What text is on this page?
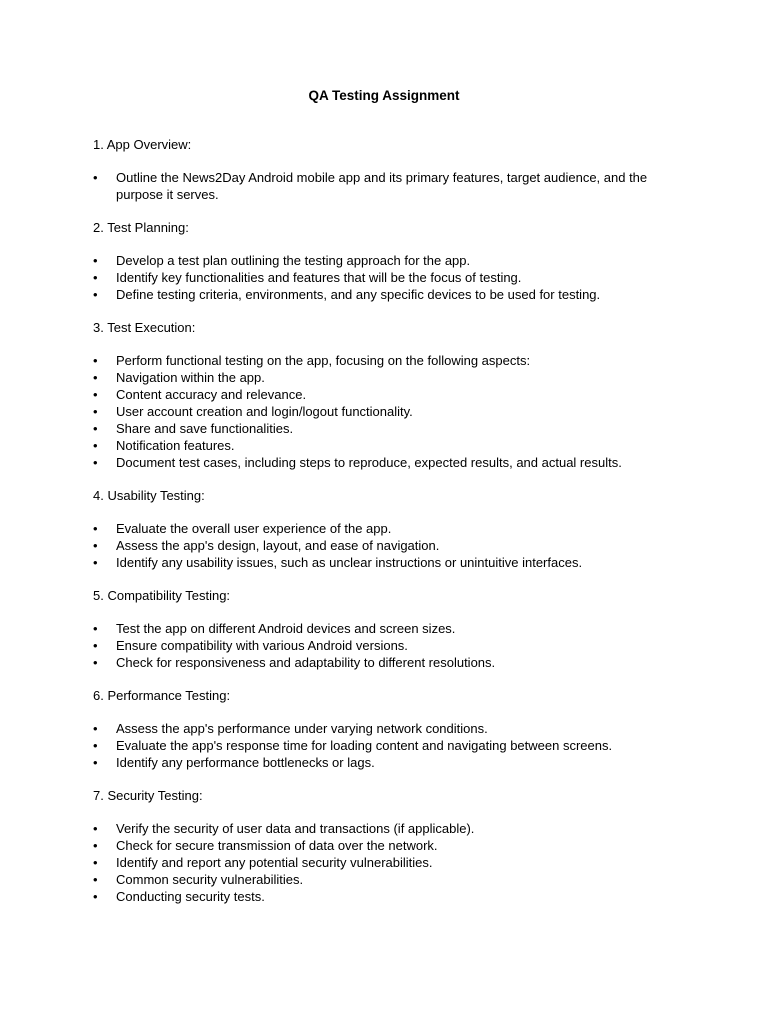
QA Testing Assignment

1. App Overview:

•	Outline the News2Day Android mobile app and its primary features, target audience, and the purpose it serves.

2. Test Planning:

•	Develop a test plan outlining the testing approach for the app.
•	Identify key functionalities and features that will be the focus of testing.
•	Define testing criteria, environments, and any specific devices to be used for testing.

3. Test Execution:

•	Perform functional testing on the app, focusing on the following aspects:
•	Navigation within the app.
•	Content accuracy and relevance.
•	User account creation and login/logout functionality.
•	Share and save functionalities.
•	Notification features.
•	Document test cases, including steps to reproduce, expected results, and actual results.

4. Usability Testing:

•	Evaluate the overall user experience of the app.
•	Assess the app's design, layout, and ease of navigation.
•	Identify any usability issues, such as unclear instructions or unintuitive interfaces.

5. Compatibility Testing:

•	Test the app on different Android devices and screen sizes.
•	Ensure compatibility with various Android versions.
•	Check for responsiveness and adaptability to different resolutions.

6. Performance Testing:

•	Assess the app's performance under varying network conditions.
•	Evaluate the app's response time for loading content and navigating between screens.
•	Identify any performance bottlenecks or lags.

7. Security Testing:

•	Verify the security of user data and transactions (if applicable).
•	Check for secure transmission of data over the network.
•	Identify and report any potential security vulnerabilities.
•	Common security vulnerabilities.
•	Conducting security tests.
